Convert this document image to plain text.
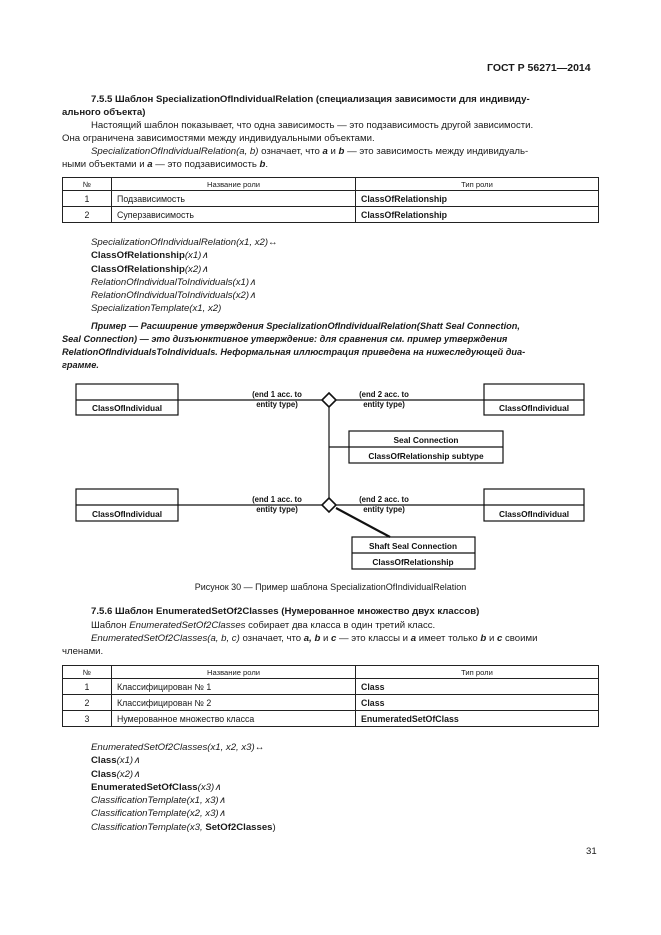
ГОСТ Р 56271—2014
7.5.5 Шаблон SpecializationOfIndividualRelation (специализация зависимости для индивиду-
ального объекта)
Настоящий шаблон показывает, что одна зависимость — это подзависимость другой зависимости.
Она ограничена зависимостями между индивидуальными объектами.
SpecializationOfIndividualRelation(a, b) означает, что a и b — это зависимость между индивидуаль-
ными объектами и a — это подзависимость b.
№	Название роли	Тип роли
1	Подзависимость	ClassOfRelationship
2	Суперзависимость	ClassOfRelationship
SpecializationOfIndividualRelation(x1, x2)↔
ClassOfRelationship(x1)∧
ClassOfRelationship(x2)∧
RelationOfIndividualToIndividuals(x1)∧
RelationOfIndividualToIndividuals(x2)∧
SpecializationTemplate(x1, x2)
Пример — Расширение утверждения SpecializationOfIndividualRelation(Shatt Seal Connection,
Seal Connection) — это дизъюнктивное утверждение: для сравнения см. пример утверждения
RelationOfIndividualsToIndividuals. Неформальная иллюстрация приведена на нижеследующей диа-
грамме.
ClassOfIndividual	ClassOfIndividual
ClassOfIndividual	ClassOfIndividual
(end 1 acc. to
entity type)
(end 2 acc. to
entity type)
(end 1 acc. to
entity type)
(end 2 acc. to
entity type)
Seal Connection
ClassOfRelationship subtype
Shaft Seal Connection
ClassOfRelationship
Рисунок 30 — Пример шаблона SpecializationOfIndividualRelation
7.5.6 Шаблон EnumeratedSetOf2Classes (Нумерованное множество двух классов)
Шаблон EnumeratedSetOf2Classes собирает два класса в один третий класс.
EnumeratedSetOf2Classes(a, b, c) означает, что a, b и c — это классы и a имеет только b и c своими
членами.
№	Название роли	Тип роли
1	Классифицирован № 1	Class
2	Классифицирован № 2	Class
3	Нумерованное множество класса	EnumeratedSetOfClass
EnumeratedSetOf2Classes(x1, x2, x3)↔
Class(x1)∧
Class(x2)∧
EnumeratedSetOfClass(x3)∧
ClassificationTemplate(x1, x3)∧
ClassificationTemplate(x2, x3)∧
ClassificationTemplate(x3, SetOf2Classes)
31
